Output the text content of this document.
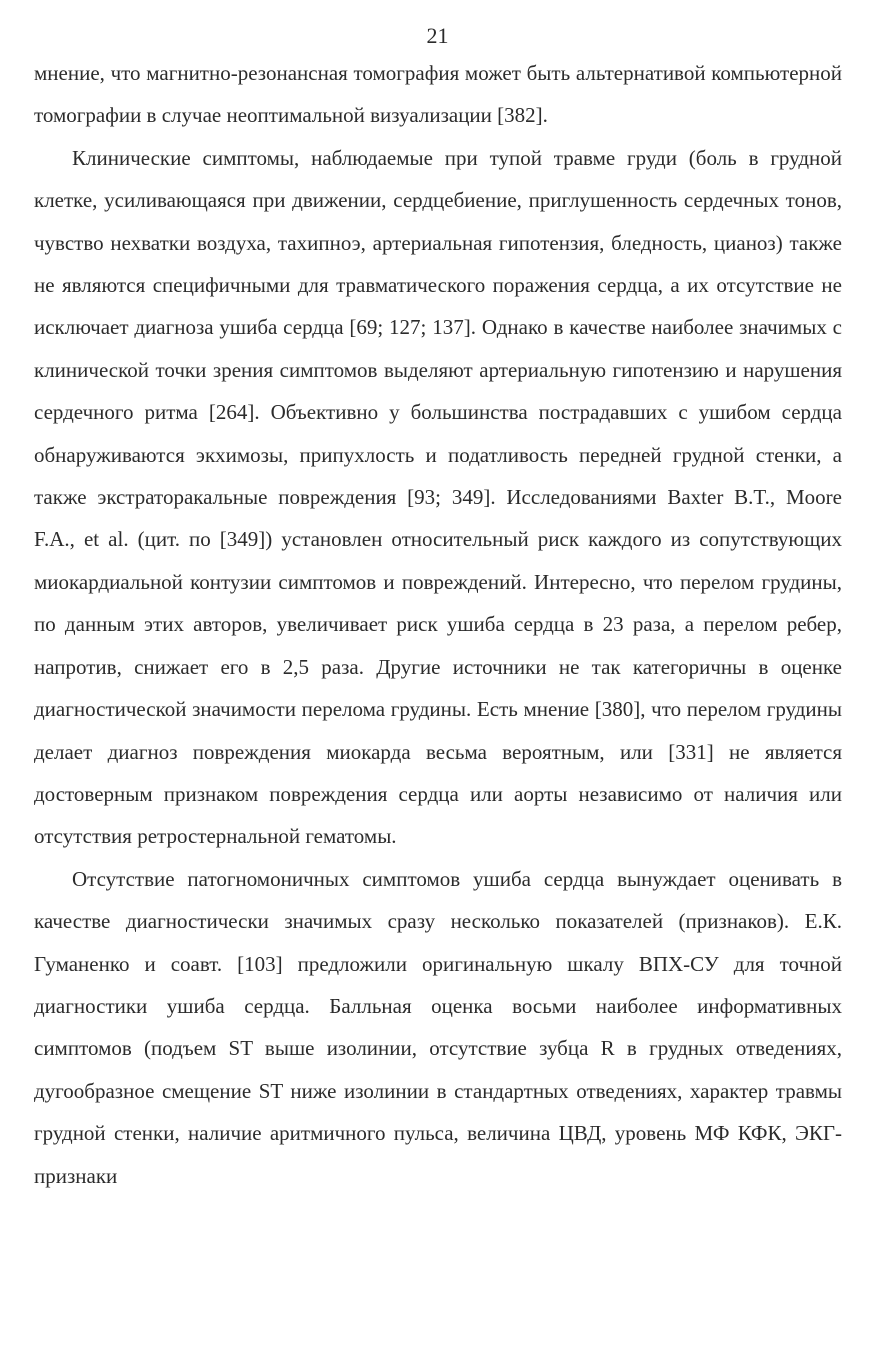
21

мнение, что магнитно-резонансная томография может быть альтернативой компьютерной томографии в случае неоптимальной визуализации [382].

Клинические симптомы, наблюдаемые при тупой травме груди (боль в грудной клетке, усиливающаяся при движении, сердцебиение, приглушенность сердечных тонов, чувство нехватки воздуха, тахипноэ, артериальная гипотензия, бледность, цианоз) также не являются специфичными для травматического поражения сердца, а их отсутствие не исключает диагноза ушиба сердца [69; 127; 137]. Однако в качестве наиболее значимых с клинической точки зрения симптомов выделяют артериальную гипотензию и нарушения сердечного ритма [264]. Объективно у большинства пострадавших с ушибом сердца обнаруживаются экхимозы, припухлость и податливость передней грудной стенки, а также экстраторакальные повреждения [93; 349]. Исследованиями Baxter B.T., Moore F.A., et al. (цит. по [349]) установлен относительный риск каждого из сопутствующих миокардиальной контузии симптомов и повреждений. Интересно, что перелом грудины, по данным этих авторов, увеличивает риск ушиба сердца в 23 раза, а перелом ребер, напротив, снижает его в 2,5 раза. Другие источники не так категоричны в оценке диагностической значимости перелома грудины. Есть мнение [380], что перелом грудины делает диагноз повреждения миокарда весьма вероятным, или [331] не является достоверным признаком повреждения сердца или аорты независимо от наличия или отсутствия ретростернальной гематомы.

Отсутствие патогномоничных симптомов ушиба сердца вынуждает оценивать в качестве диагностически значимых сразу несколько показателей (признаков). Е.К. Гуманенко и соавт. [103] предложили оригинальную шкалу ВПХ-СУ для точной диагностики ушиба сердца. Балльная оценка восьми наиболее информативных симптомов (подъем ST выше изолинии, отсутствие зубца R в грудных отведениях, дугообразное смещение ST ниже изолинии в стандартных отведениях, характер травмы грудной стенки, наличие аритмичного пульса, величина ЦВД, уровень МФ КФК, ЭКГ-признаки
